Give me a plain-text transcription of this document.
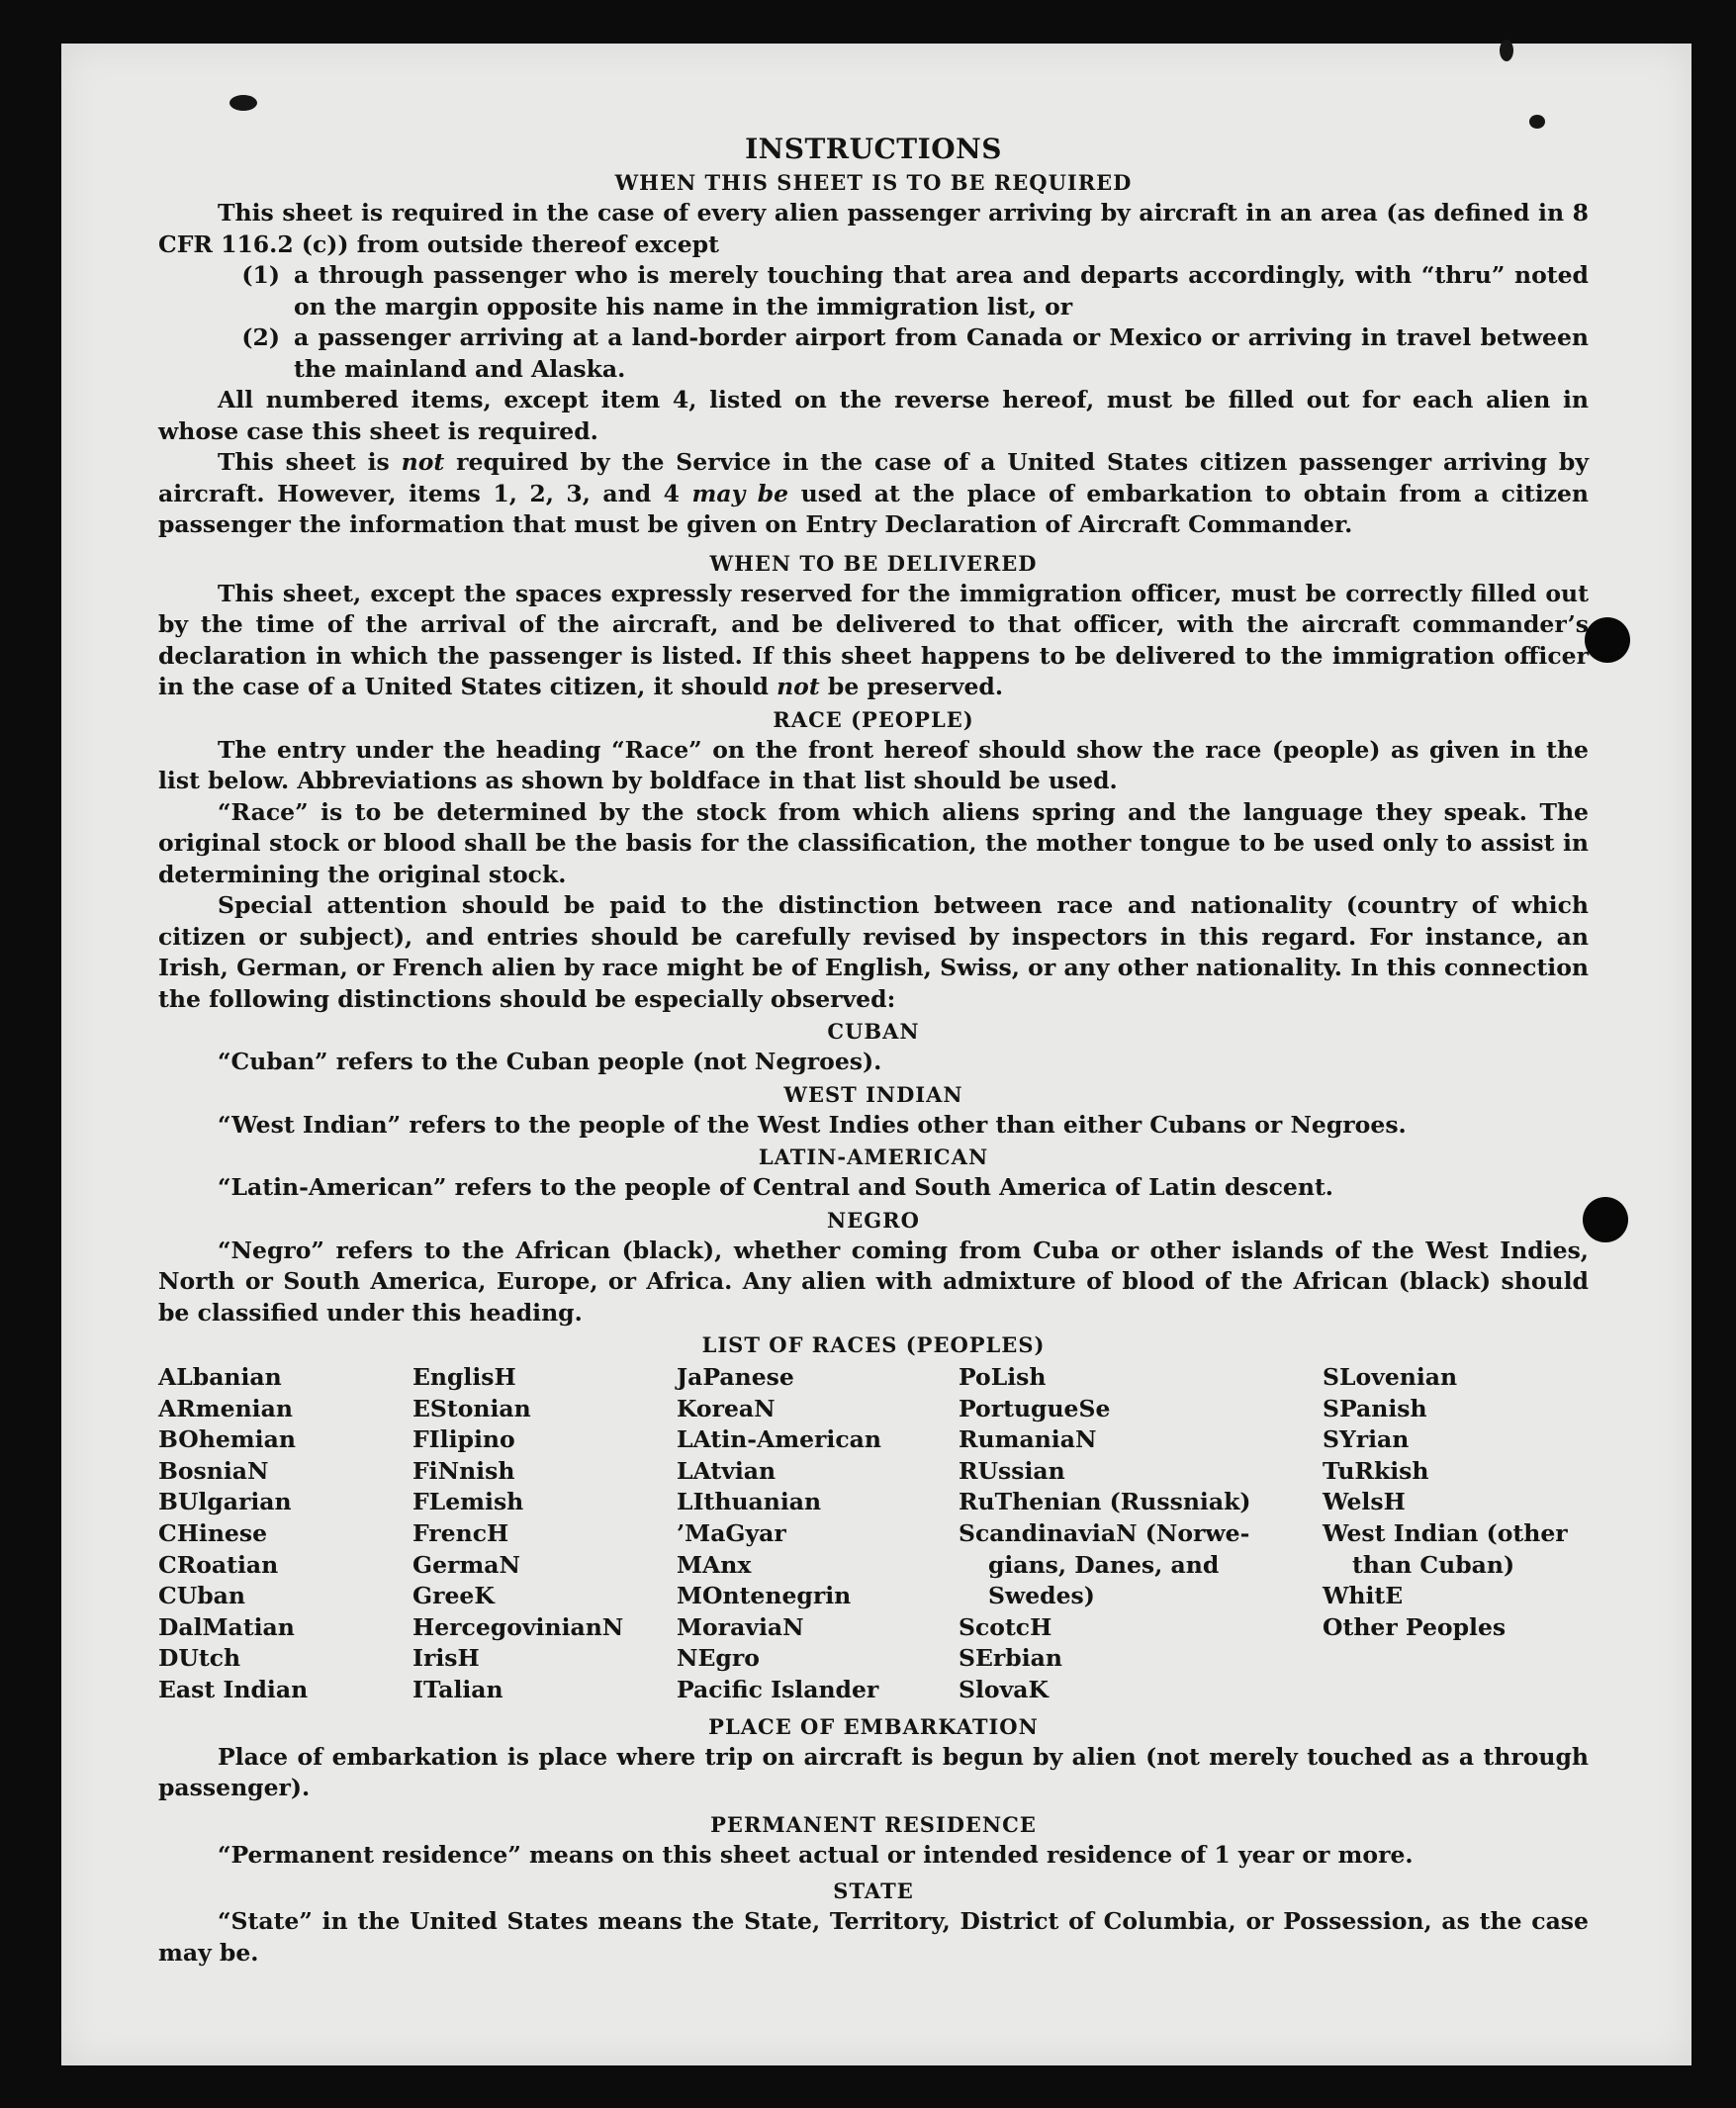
INSTRUCTIONS
WHEN THIS SHEET IS TO BE REQUIRED

This sheet is required in the case of every alien passenger arriving by aircraft in an area (as defined in 8 CFR 116.2 (c)) from outside thereof except

(1) a through passenger who is merely touching that area and departs accordingly, with “thru” noted on the margin opposite his name in the immigration list, or
(2) a passenger arriving at a land-border airport from Canada or Mexico or arriving in travel between the mainland and Alaska.

All numbered items, except item 4, listed on the reverse hereof, must be filled out for each alien in whose case this sheet is required.

This sheet is not required by the Service in the case of a United States citizen passenger arriving by aircraft. However, items 1, 2, 3, and 4 may be used at the place of embarkation to obtain from a citizen passenger the information that must be given on Entry Declaration of Aircraft Commander.

WHEN TO BE DELIVERED

This sheet, except the spaces expressly reserved for the immigration officer, must be correctly filled out by the time of the arrival of the aircraft, and be delivered to that officer, with the aircraft commander’s declaration in which the passenger is listed. If this sheet happens to be delivered to the immigration officer in the case of a United States citizen, it should not be preserved.

RACE (PEOPLE)

The entry under the heading “Race” on the front hereof should show the race (people) as given in the list below. Abbreviations as shown by boldface in that list should be used.

“Race” is to be determined by the stock from which aliens spring and the language they speak. The original stock or blood shall be the basis for the classification, the mother tongue to be used only to assist in determining the original stock.

Special attention should be paid to the distinction between race and nationality (country of which citizen or subject), and entries should be carefully revised by inspectors in this regard. For instance, an Irish, German, or French alien by race might be of English, Swiss, or any other nationality. In this connection the following distinctions should be especially observed:

CUBAN

“Cuban” refers to the Cuban people (not Negroes).

WEST INDIAN

“West Indian” refers to the people of the West Indies other than either Cubans or Negroes.

LATIN-AMERICAN

“Latin-American” refers to the people of Central and South America of Latin descent.

NEGRO

“Negro” refers to the African (black), whether coming from Cuba or other islands of the West Indies, North or South America, Europe, or Africa. Any alien with admixture of blood of the African (black) should be classified under this heading.

LIST OF RACES (PEOPLES)
ALbanian
ARmenian
BOhemian
BosniaN
BUlgarian
CHinese
CRoatian
CUban
DalMatian
DUtch
East Indian
EnglisH
EStonian
FIlipino
FiNnish
FLemish
FrencH
GermaN
GreeK
HercegovinianN
IrisH
ITalian
JaPanese
KoreaN
LAtin-American
LAtvian
LIthuanian
’MaGyar
MAnx
MOntenegrin
MoraviaN
NEgro
Pacific Islander
PoLish
PortugueSe
RumaniaN
RUssian
RuThenian (Russniak)
ScandinaviaN (Norwe-
gians, Danes, and
Swedes)
ScotcH
SErbian
SlovaK
SLovenian
SPanish
SYrian
TuRkish
WelsH
West Indian (other
than Cuban)
WhitE
Other Peoples
PLACE OF EMBARKATION

Place of embarkation is place where trip on aircraft is begun by alien (not merely touched as a through passenger).

PERMANENT RESIDENCE

“Permanent residence” means on this sheet actual or intended residence of 1 year or more.

STATE

“State” in the United States means the State, Territory, District of Columbia, or Possession, as the case may be.
